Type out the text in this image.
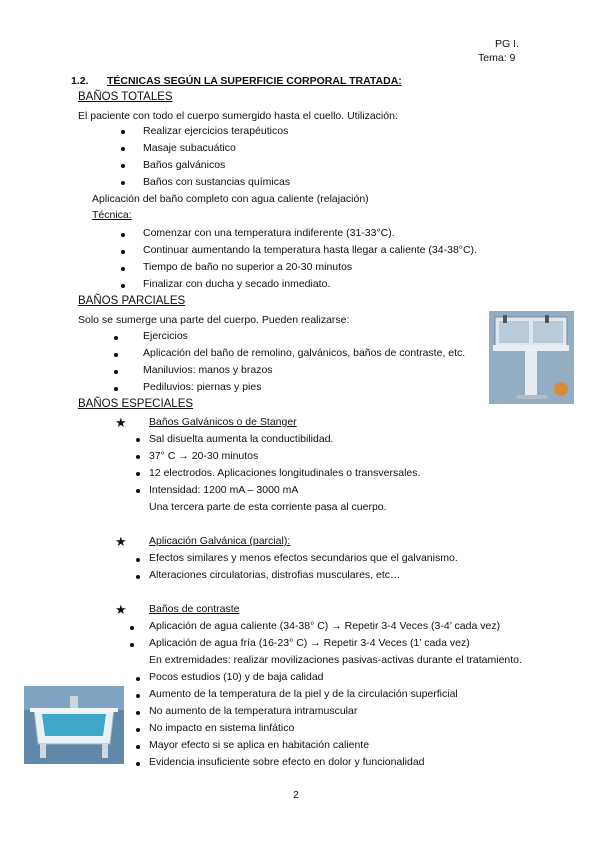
PG I.
Tema: 9
1.2. TÉCNICAS SEGÚN LA SUPERFICIE CORPORAL TRATADA:
BAÑOS TOTALES
El paciente con todo el cuerpo sumergido hasta el cuello. Utilización:
Realizar ejercicios terapéuticos
Masaje subacuático
Baños galvánicos
Baños con sustancias químicas
Aplicación del baño completo con agua caliente (relajación)
Técnica:
Comenzar con una temperatura indiferente (31-33°C).
Continuar aumentando la temperatura hasta llegar a caliente (34-38°C).
Tiempo de baño no superior a 20-30 minutos
Finalizar con ducha y secado inmediato.
BAÑOS PARCIALES
Solo se sumerge una parte del cuerpo. Pueden realizarse:
Ejercicios
Aplicación del baño de remolino, galvánicos, baños de contraste, etc.
Maniluvios: manos y brazos
Pediluvios: piernas y pies
BAÑOS ESPECIALES
★ Baños Galvánicos o de Stanger
Sal disuelta aumenta la conductibilidad.
37° C → 20-30 minutos
12 electrodos. Aplicaciones longitudinales o transversales.
Intensidad: 1200 mA – 3000 mA
Una tercera parte de esta corriente pasa al cuerpo.
★ Aplicación Galvánica (parcial):
Efectos similares y menos efectos secundarios que el galvanismo.
Alteraciones circulatorias, distrofias musculares, etc…
★ Baños de contraste
Aplicación de agua caliente (34-38° C) → Repetir 3-4 Veces (3-4’ cada vez)
Aplicación de agua fría (16-23° C) → Repetir 3-4 Veces (1’ cada vez)
En extremidades: realizar movilizaciones pasivas-activas durante el tratamiento.
Pocos estudios (10) y de baja calidad
Aumento de la temperatura de la piel y de la circulación superficial
No aumento de la temperatura intramuscular
No impacto en sistema linfático
Mayor efecto si se aplica en habitación caliente
Evidencia insuficiente sobre efecto en dolor y funcionalidad
2
